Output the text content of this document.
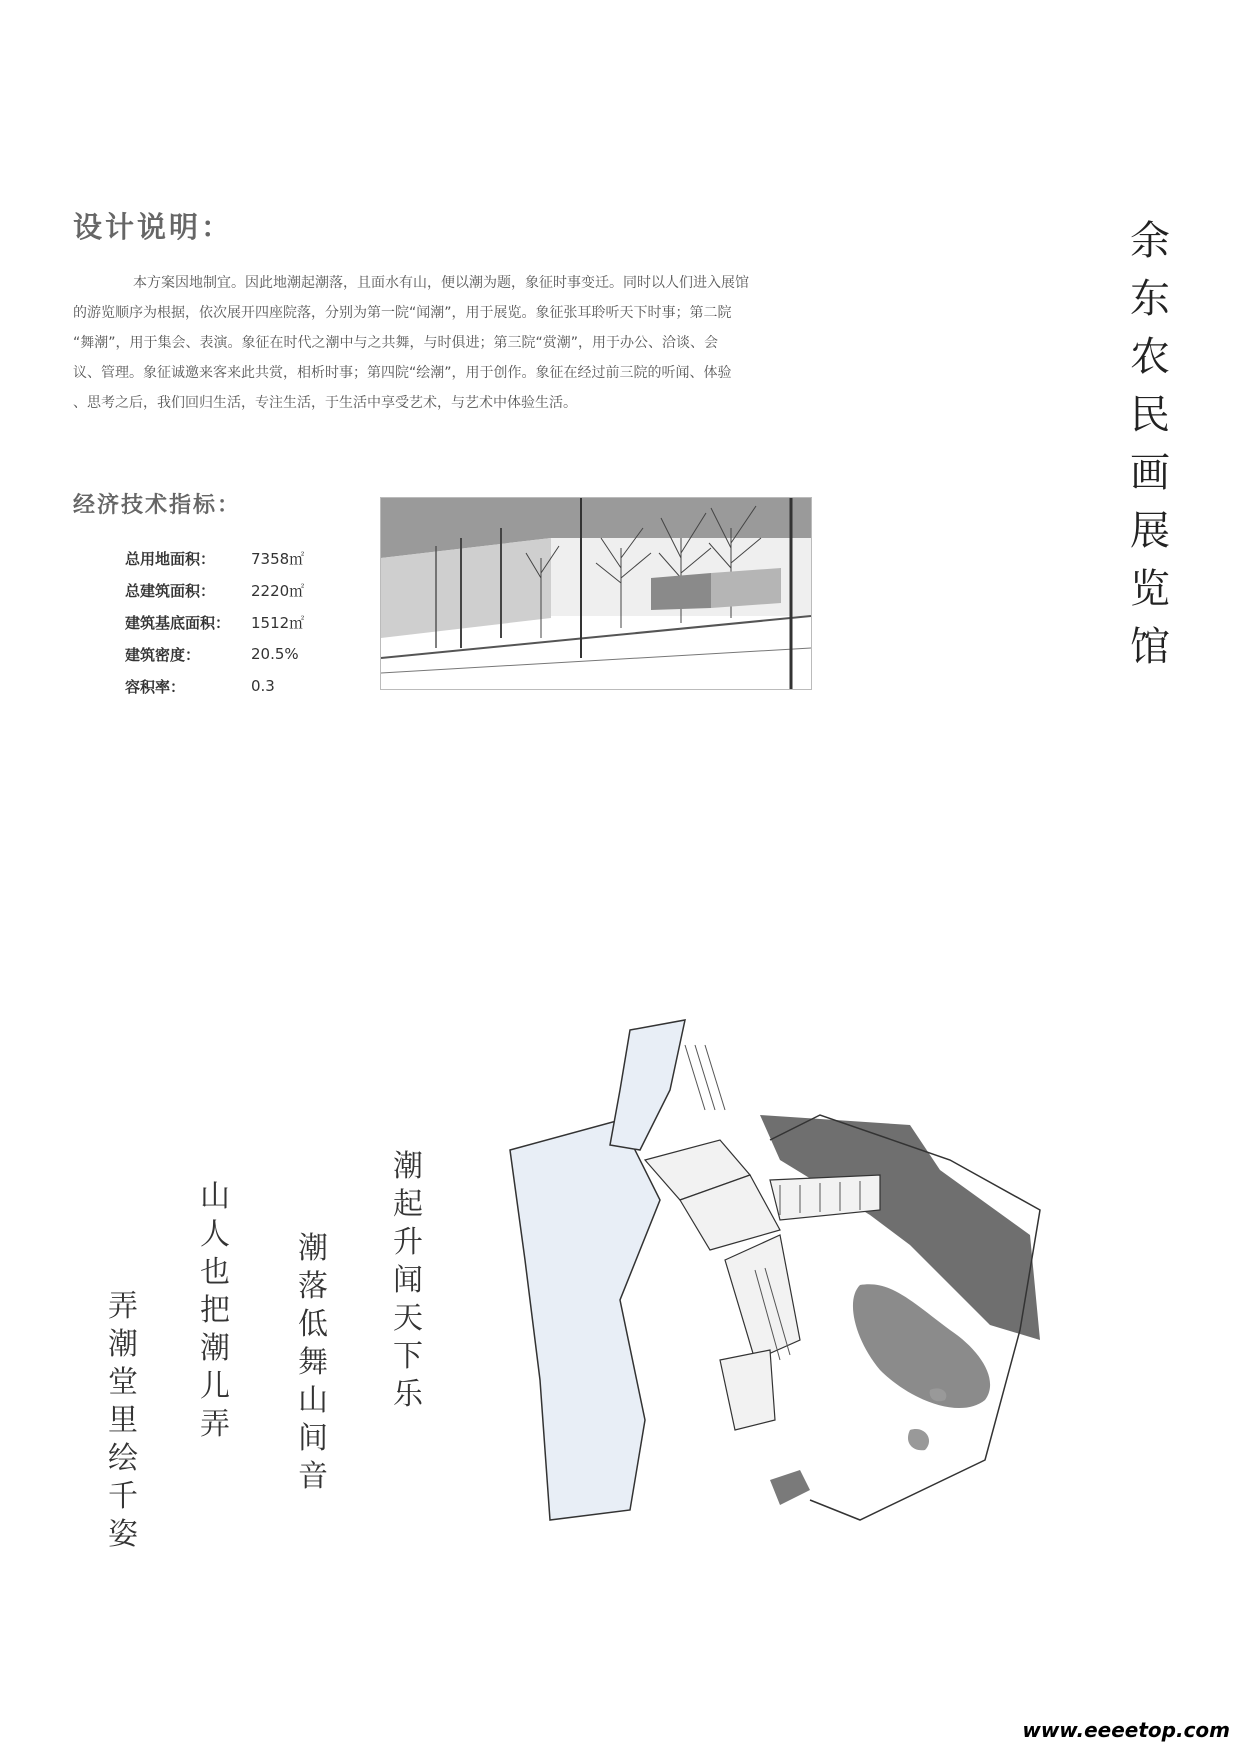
设计说明：

本方案因地制宜。因此地潮起潮落，且面水有山，便以潮为题，象征时事变迁。同时以人们进入展馆

的游览顺序为根据，依次展开四座院落，分别为第一院“闻潮”，用于展览。象征张耳聆听天下时事；第二院

“舞潮”，用于集会、表演。象征在时代之潮中与之共舞，与时俱进；第三院“赏潮”，用于办公、洽谈、会

议、管理。象征诚邀来客来此共赏，相析时事；第四院“绘潮”，用于创作。象征在经过前三院的听闻、体验

、思考之后，我们回归生活，专注生活，于生活中享受艺术，与艺术中体验生活。

经济技术指标：
总用地面积：	7358㎡
总建筑面积：	2220㎡
建筑基底面积：	1512㎡
建筑密度：	20.5%
容积率：	0.3
余
东
农
民
画
展
览
馆
潮
起
升
闻
天
下
乐
潮
落
低
舞
山
间
音
山
人
也
把
潮
儿
弄
弄
潮
堂
里
绘
千
姿
www.eeeetop.com
